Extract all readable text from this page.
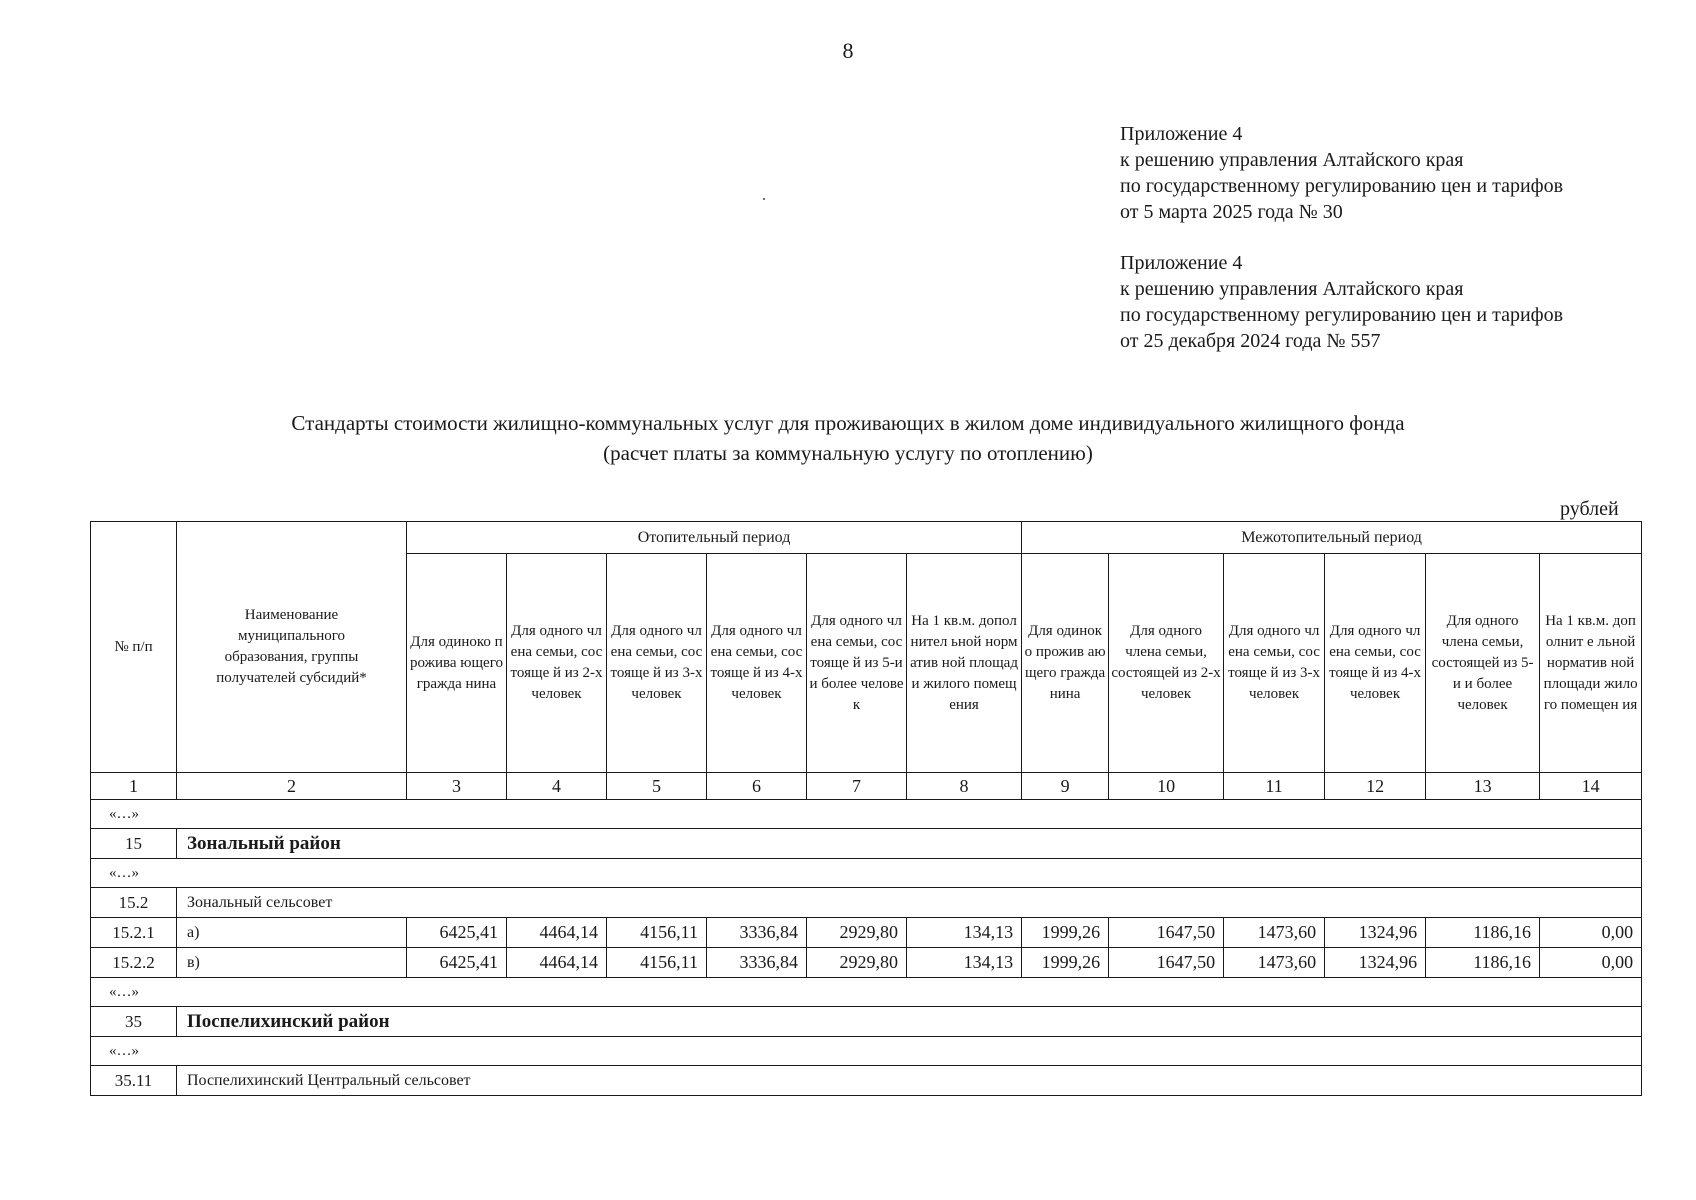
8
Приложение 4
к решению управления Алтайского края
по государственному регулированию цен и тарифов
от 5 марта 2025 года № 30
Приложение 4
к решению управления Алтайского края
по государственному регулированию цен и тарифов
от 25 декабря 2024 года № 557
Стандарты стоимости жилищно-коммунальных услуг для проживающих в жилом доме индивидуального жилищного фонда
(расчет платы за коммунальную услугу по отоплению)
рублей
№ п/п	Наименование муниципального образования, группы получателей субсидий*	Отопительный период						Межотопительный период					
		Для одиноко прожива ющего гражда нина	Для одного члена семьи, состояще й из 2-х человек	Для одного члена семьи, состояще й из 3-х человек	Для одного члена семьи, состояще й из 4-х человек	Для одного члена семьи, состояще й из 5-и и более человек	На 1 кв.м. дополнител ьной норматив ной площади жилого помещения	Для одинок о прожив ающего гражда нина	Для одного члена семьи, состоящей из 2-х человек	Для одного члена семьи, состояще й из 3-х человек	Для одного члена семьи, состояще й из 4-х человек	Для одного члена семьи, состоящей из 5-и и более человек	На 1 кв.м. дополнит е льной норматив ной площади жилого помещен ия
1	2	3	4	5	6	7	8	9	10	11	12	13	14
«…»													
15	Зональный район												
«…»													
15.2	Зональный сельсовет												
15.2.1	а)	6425,41	4464,14	4156,11	3336,84	2929,80	134,13	1999,26	1647,50	1473,60	1324,96	1186,16	0,00
15.2.2	в)	6425,41	4464,14	4156,11	3336,84	2929,80	134,13	1999,26	1647,50	1473,60	1324,96	1186,16	0,00
«…»													
35	Поспелихинский район												
«…»													
35.11	Поспелихинский Центральный сельсовет												
